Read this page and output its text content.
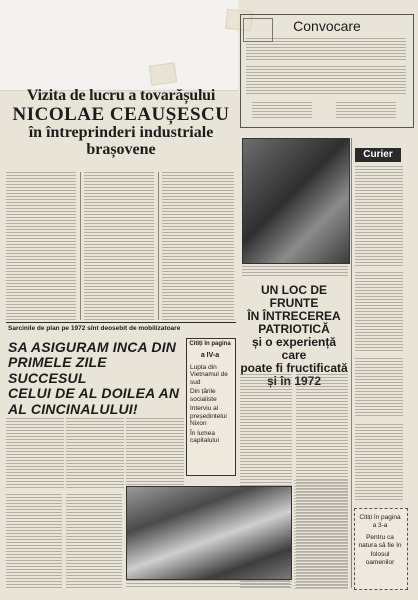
Convocare
Vizita de lucru a tovarășului
NICOLAE CEAUȘESCU
în întreprinderi industriale
brașovene	Curier
UN LOC DE FRUNTE
ÎN ÎNTRECEREA
PATRIOTICĂ
și o experiență care
poate fi fructificată
și în 1972
Sarcinile de plan pe 1972 sînt deosebit de mobilizatoare
SA ASIGURAM INCA DIN
PRIMELE ZILE SUCCESUL
CELUI DE AL DOILEA AN
AL CINCINALULUI!
Citiți în pagina
a IV-a
Lupta din Vietnamul de sud
Din țările socialiste
Interviu al președintelui Nixon
În lumea capitalului
Citiți în pagina
a 3-a
Pentru ca natura să fie în folosul oamenilor
